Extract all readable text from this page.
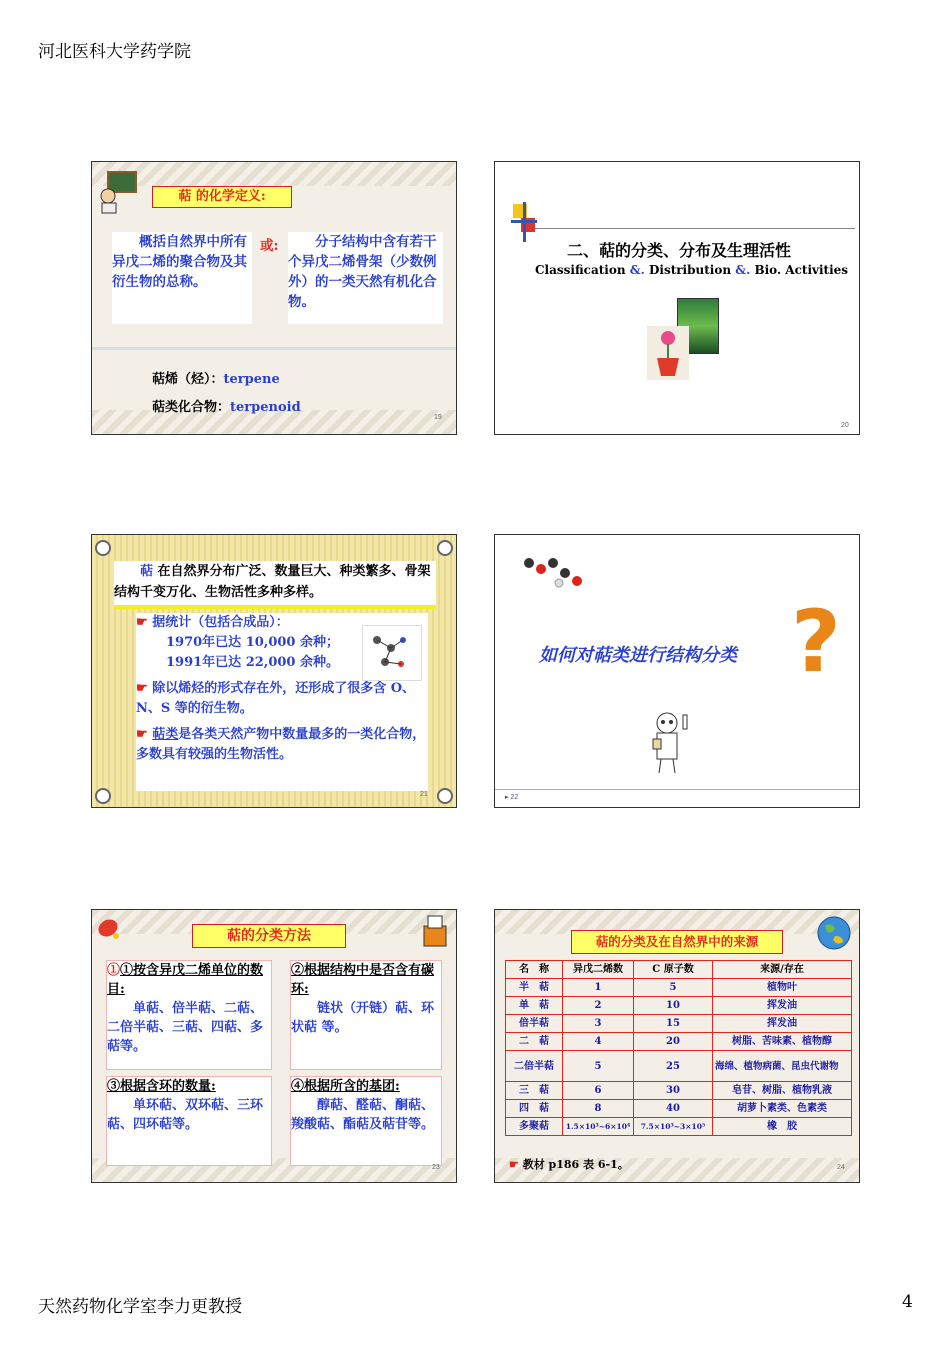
河北医科大学药学院
萜 的化学定义:
概括自然界中所有异戊二烯的聚合物及其衍生物的总称。
或:	分子结构中含有若干个异戊二烯骨架（少数例外）的一类天然有机化合物。
萜烯（烃）：terpene
萜类化合物：terpenoid
19
二、萜的分类、分布及生理活性
Classification &. Distribution &. Bio. Activities
20
萜 在自然界分布广泛、数量巨大、种类繁多、骨架结构千变万化、生物活性多种多样。
☛ 据统计（包括合成品）：
1970年已达 10,000 余种；
1991年已达 22,000 余种。
☛ 除以烯烃的形式存在外，还形成了很多含 O、N、S 等的衍生物。
☛ 萜类是各类天然产物中数量最多的一类化合物，多数具有较强的生物活性。
21
如何对萜类进行结构分类 ?
▸ 22
萜的分类方法
①①按含异戊二烯单位的数目:
单萜、倍半萜、二萜、二倍半萜、三萜、四萜、多萜等。
②根据结构中是否含有碳环:
链状（开链）萜、环状萜 等。
③根据含环的数量:
单环萜、双环萜、三环萜、四环萜等。
④根据所含的基团:
醇萜、醛萜、酮萜、羧酸萜、酯萜及萜苷等。
23
萜的分类及在自然界中的来源
名　称	异戊二烯数	C 原子数	来源/存在
半　萜	1	5	植物叶
单　萜	2	10	挥发油
倍半萜	3	15	挥发油
二　萜	4	20	树脂、苦味素、植物醇
二倍半萜	5	25	海绵、植物病菌、昆虫代谢物
三　萜	6	30	皂苷、树脂、植物乳液
四　萜	8	40	胡萝卜素类、色素类
多聚萜	1.5×10³~6×10⁴	7.5×10³~3×10⁵	橡　胶
☛ 教材 p186 表 6-1。	24
天然药物化学室李力更教授	4
